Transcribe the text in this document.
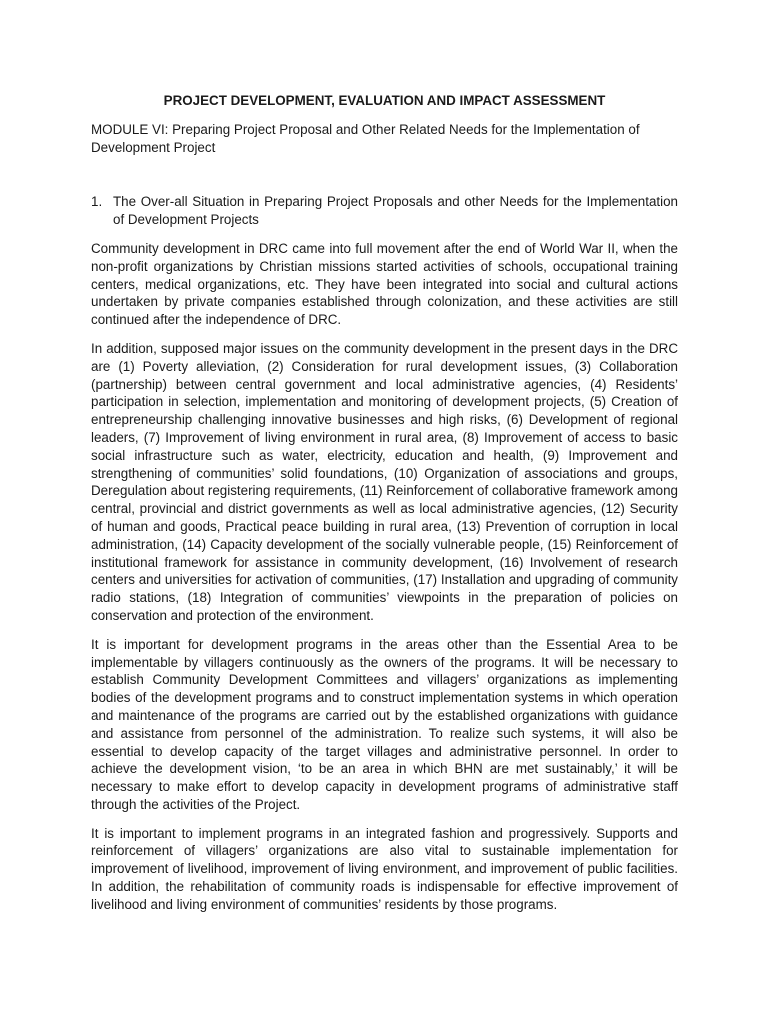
PROJECT DEVELOPMENT, EVALUATION AND IMPACT ASSESSMENT

MODULE VI: Preparing Project Proposal and Other Related Needs for the Implementation of Development Project

1. The Over-all Situation in Preparing Project Proposals and other Needs for the Implementation of Development Projects

Community development in DRC came into full movement after the end of World War II, when the non-profit organizations by Christian missions started activities of schools, occupational training centers, medical organizations, etc. They have been integrated into social and cultural actions undertaken by private companies established through colonization, and these activities are still continued after the independence of DRC.

In addition, supposed major issues on the community development in the present days in the DRC are (1) Poverty alleviation, (2) Consideration for rural development issues, (3) Collaboration (partnership) between central government and local administrative agencies, (4) Residents’ participation in selection, implementation and monitoring of development projects, (5) Creation of entrepreneurship challenging innovative businesses and high risks, (6) Development of regional leaders, (7) Improvement of living environment in rural area, (8) Improvement of access to basic social infrastructure such as water, electricity, education and health, (9) Improvement and strengthening of communities’ solid foundations, (10) Organization of associations and groups, Deregulation about registering requirements, (11) Reinforcement of collaborative framework among central, provincial and district governments as well as local administrative agencies, (12) Security of human and goods, Practical peace building in rural area, (13) Prevention of corruption in local administration, (14) Capacity development of the socially vulnerable people, (15) Reinforcement of institutional framework for assistance in community development, (16) Involvement of research centers and universities for activation of communities, (17) Installation and upgrading of community radio stations, (18) Integration of communities’ viewpoints in the preparation of policies on conservation and protection of the environment.

It is important for development programs in the areas other than the Essential Area to be implementable by villagers continuously as the owners of the programs. It will be necessary to establish Community Development Committees and villagers’ organizations as implementing bodies of the development programs and to construct implementation systems in which operation and maintenance of the programs are carried out by the established organizations with guidance and assistance from personnel of the administration. To realize such systems, it will also be essential to develop capacity of the target villages and administrative personnel. In order to achieve the development vision, ‘to be an area in which BHN are met sustainably,’ it will be necessary to make effort to develop capacity in development programs of administrative staff through the activities of the Project.

It is important to implement programs in an integrated fashion and progressively. Supports and reinforcement of villagers’ organizations are also vital to sustainable implementation for improvement of livelihood, improvement of living environment, and improvement of public facilities. In addition, the rehabilitation of community roads is indispensable for effective improvement of livelihood and living environment of communities’ residents by those programs.
